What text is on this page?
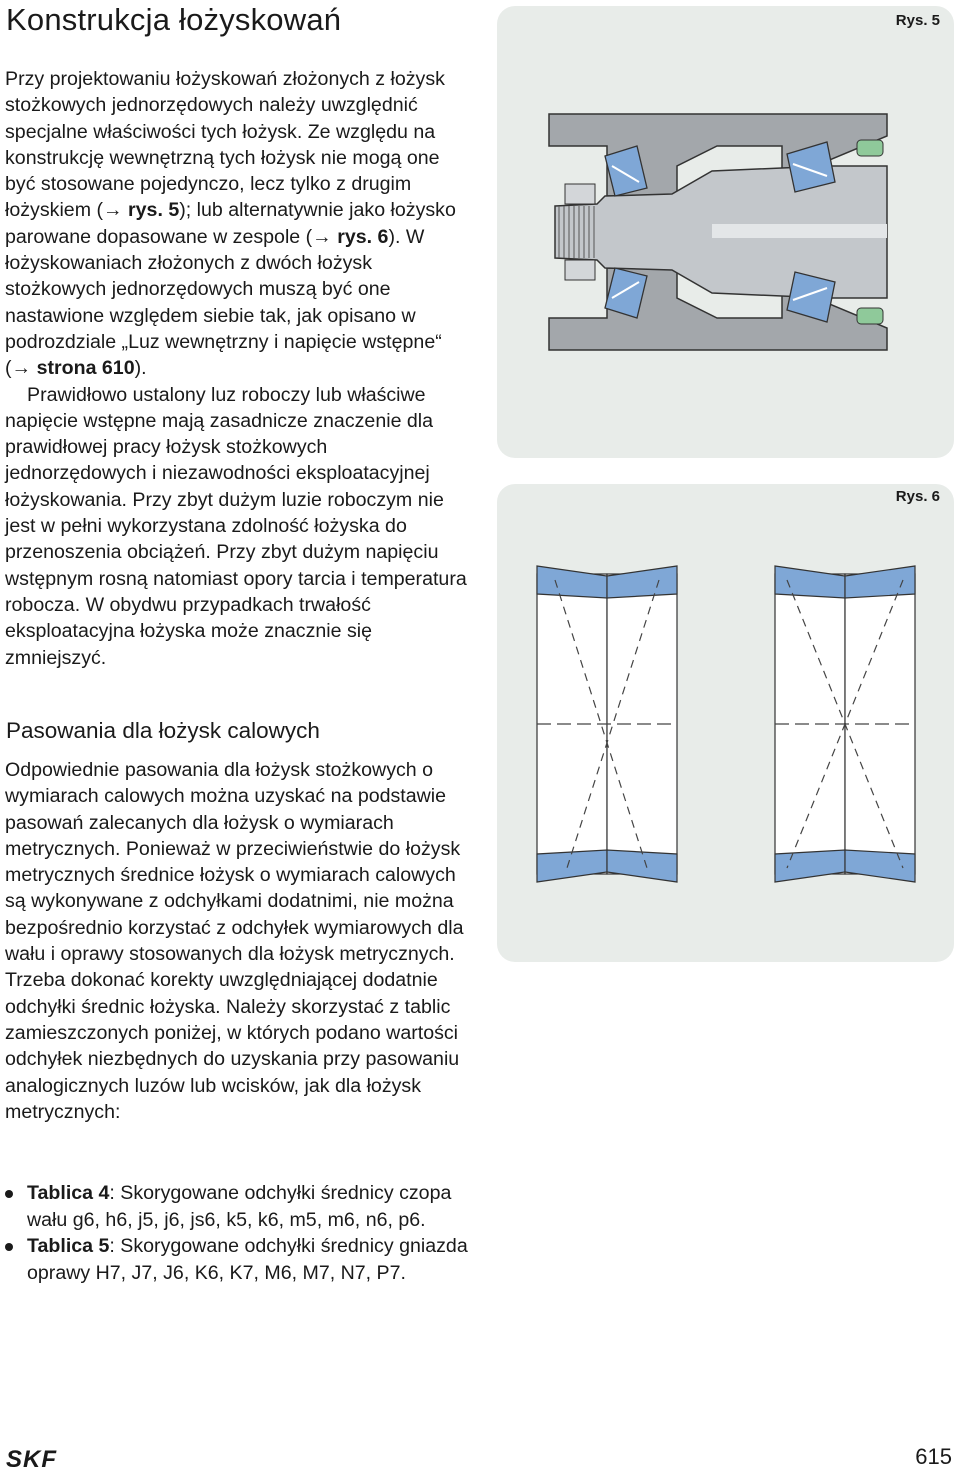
Konstrukcja łożyskowań

Przy projektowaniu łożyskowań złożonych z łożysk stożkowych jednorzędowych należy uwzględnić specjalne właściwości tych łożysk. Ze względu na konstrukcję wewnętrzną tych łożysk nie mogą one być stosowane pojedynczo, lecz tylko z drugim łożyskiem (→ rys. 5); lub alternatywnie jako łożysko parowane dopasowane w zespole (→ rys. 6). W łożyskowaniach złożonych z dwóch łożysk stożkowych jednorzędowych muszą być one nastawione względem siebie tak, jak opisano w podrozdziale „Luz wewnętrzny i napięcie wstępne“ (→ strona 610).

Prawidłowo ustalony luz roboczy lub właściwe napięcie wstępne mają zasadnicze znaczenie dla prawidłowej pracy łożysk stożkowych jednorzędowych i niezawodności eksploatacyjnej łożyskowania. Przy zbyt dużym luzie roboczym nie jest w pełni wykorzystana zdolność łożyska do przenoszenia obciążeń. Przy zbyt dużym napięciu wstępnym rosną natomiast opory tarcia i temperatura robocza. W obydwu przypadkach trwałość eksploatacyjna łożyska może znacznie się zmniejszyć.

Pasowania dla łożysk calowych

Odpowiednie pasowania dla łożysk stożkowych o wymiarach calowych można uzyskać na podstawie pasowań zalecanych dla łożysk o wymiarach metrycznych. Ponieważ w przeciwieństwie do łożysk metrycznych średnice łożysk o wymiarach calowych są wykonywane z odchyłkami dodatnimi, nie można bezpośrednio korzystać z odchyłek wymiarowych dla wału i oprawy stosowanych dla łożysk metrycznych. Trzeba dokonać korekty uwzględniającej dodatnie odchyłki średnic łożyska. Należy skorzystać z tablic zamieszczonych poniżej, w których podano wartości odchyłek niezbędnych do uzyskania przy pasowaniu analogicznych luzów lub wcisków, jak dla łożysk metrycznych:

Tablica 4: Skorygowane odchyłki średnicy czopa wału g6, h6, j5, j6, js6, k5, k6, m5, m6, n6, p6.
Tablica 5: Skorygowane odchyłki średnicy gniazda oprawy H7, J7, J6, K6, K7, M6, M7, N7, P7.
Rys. 5
Rys. 6
SKF	615
